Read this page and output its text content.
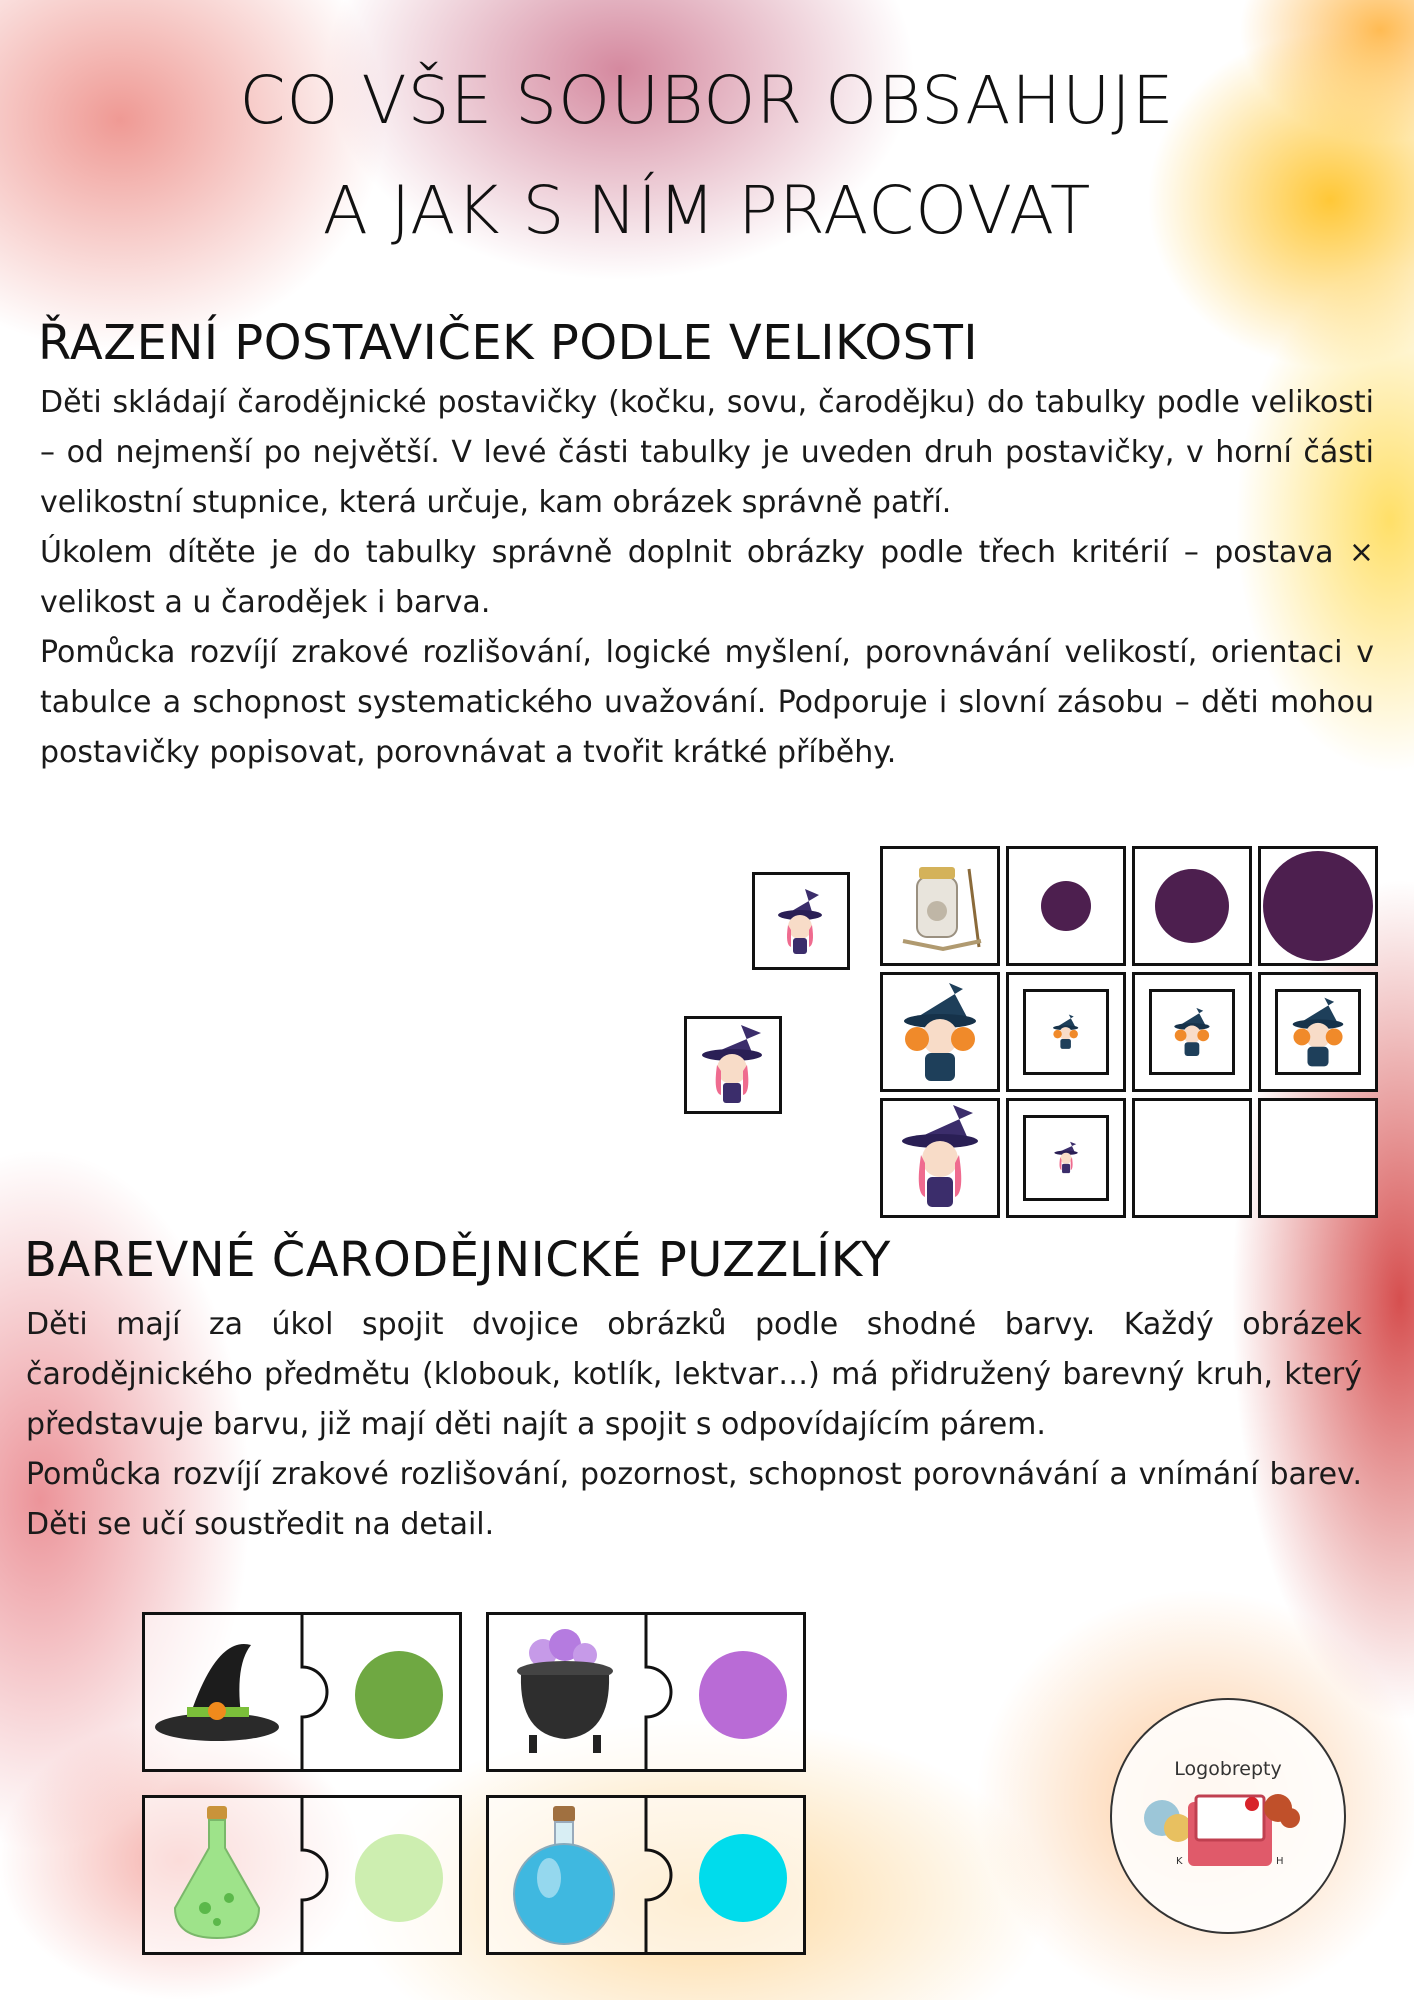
CO VŠE SOUBOR OBSAHUJE
A JAK S NÍM PRACOVAT
ŘAZENÍ POSTAVIČEK PODLE VELIKOSTI

Děti skládají čarodějnické postavičky (kočku, sovu, čarodějku) do tabulky podle velikosti – od nejmenší po největší. V levé části tabulky je uveden druh postavičky, v horní části velikostní stupnice, která určuje, kam obrázek správně patří.

Úkolem dítěte je do tabulky správně doplnit obrázky podle třech kritérií – postava × velikost a u čarodějek i barva.

Pomůcka rozvíjí zrakové rozlišování, logické myšlení, porovnávání velikostí, orientaci v tabulce a schopnost systematického uvažování. Podporuje i slovní zásobu – děti mohou postavičky popisovat, porovnávat a tvořit krátké příběhy.

BAREVNÉ ČARODĚJNICKÉ PUZZLÍKY

Děti mají za úkol spojit dvojice obrázků podle shodné barvy. Každý obrázek čarodějnického předmětu (klobouk, kotlík, lektvar…) má přidružený barevný kruh, který představuje barvu, již mají děti najít a spojit s odpovídajícím párem.

Pomůcka rozvíjí zrakové rozlišování, pozornost, schopnost porovnávání a vnímání barev. Děti se učí soustředit na detail.

Logobrepty
K	H
